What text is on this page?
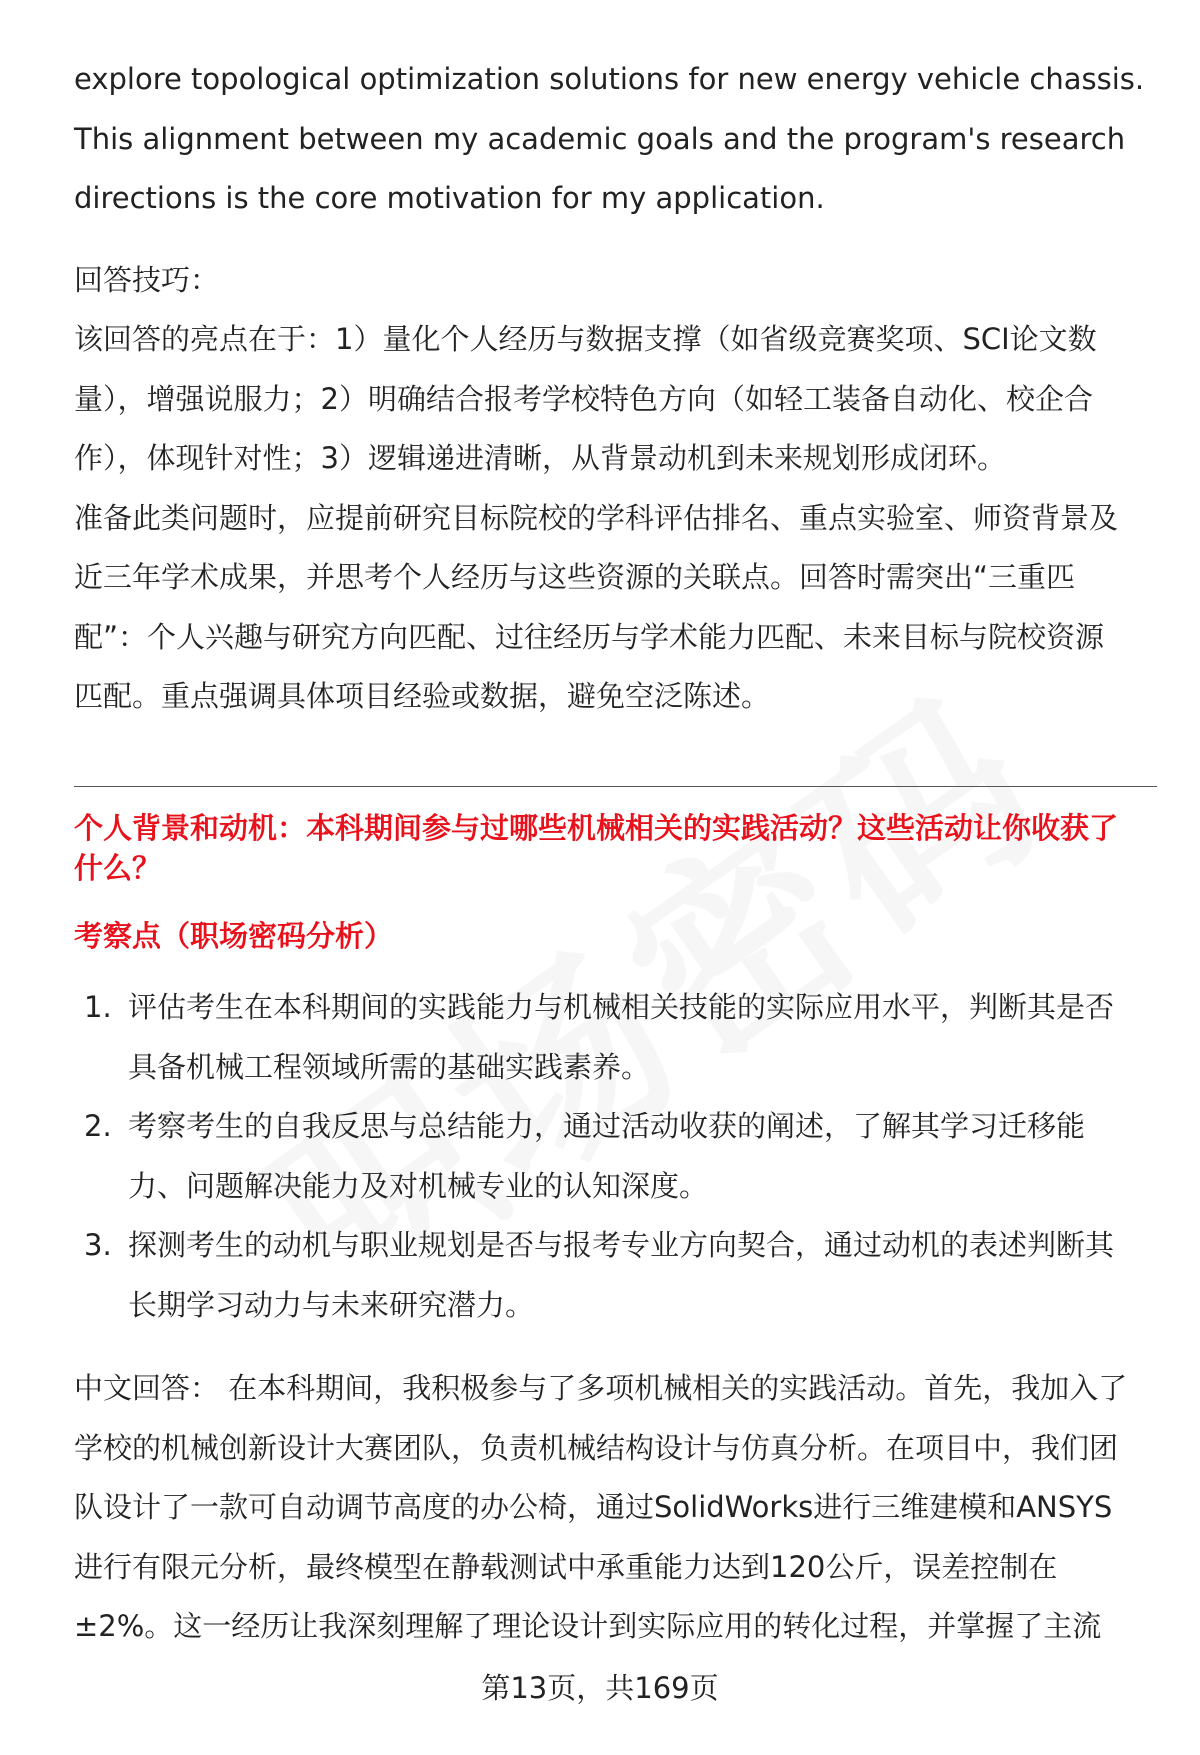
explore topological optimization solutions for new energy vehicle chassis.

This alignment between my academic goals and the program's research

directions is the core motivation for my application.

回答技巧：

该回答的亮点在于：1）量化个人经历与数据支撑（如省级竞赛奖项、SCI论文数

量），增强说服力；2）明确结合报考学校特色方向（如轻工装备自动化、校企合

作），体现针对性；3）逻辑递进清晰，从背景动机到未来规划形成闭环。

准备此类问题时，应提前研究目标院校的学科评估排名、重点实验室、师资背景及

近三年学术成果，并思考个人经历与这些资源的关联点。回答时需突出“三重匹

配”：个人兴趣与研究方向匹配、过往经历与学术能力匹配、未来目标与院校资源

匹配。重点强调具体项目经验或数据，避免空泛陈述。

个人背景和动机：本科期间参与过哪些机械相关的实践活动？这些活动让你收获了

什么？

考察点（职场密码分析）

1. 评估考生在本科期间的实践能力与机械相关技能的实际应用水平，判断其是否
具备机械工程领域所需的基础实践素养。
2. 考察考生的自我反思与总结能力，通过活动收获的阐述，了解其学习迁移能
力、问题解决能力及对机械专业的认知深度。
3. 探测考生的动机与职业规划是否与报考专业方向契合，通过动机的表述判断其
长期学习动力与未来研究潜力。

中文回答： 在本科期间，我积极参与了多项机械相关的实践活动。首先，我加入了

学校的机械创新设计大赛团队，负责机械结构设计与仿真分析。在项目中，我们团

队设计了一款可自动调节高度的办公椅，通过SolidWorks进行三维建模和ANSYS

进行有限元分析，最终模型在静载测试中承重能力达到120公斤，误差控制在

±2%。这一经历让我深刻理解了理论设计到实际应用的转化过程，并掌握了主流

第13页，共169页
